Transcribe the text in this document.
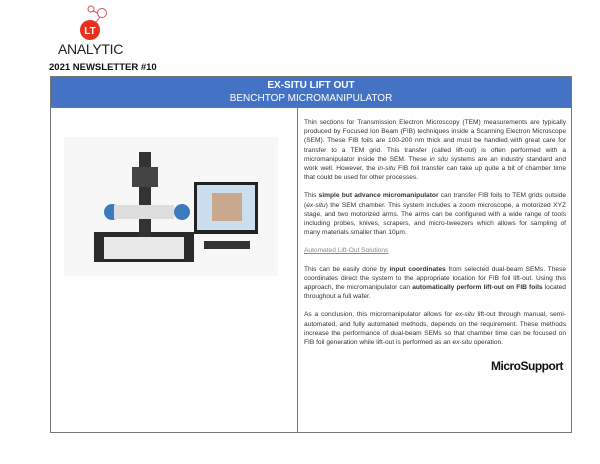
LT
ANALYTIC
2021 NEWSLETTER #10
EX-SITU LIFT OUT
BENCHTOP MICROMANIPULATOR

Thin sections for Transmission Electron Microscopy (TEM) measurements are typically produced by Focused Ion Beam (FIB) techniques inside a Scanning Electron Microscope (SEM). These FIB foils are 100-200 nm thick and must be handled with great care for transfer to a TEM grid. This transfer (called lift-out) is often performed with a micromanipulator inside the SEM. These in situ systems are an industry standard and work well. However, the in-situ FIB foil transfer can take up quite a bit of chamber time that could be used for other processes.

This simple but advance micromanipulator can transfer FIB foils to TEM grids outside (ex-situ) the SEM chamber. This system includes a zoom microscope, a motorized XYZ stage, and two motorized arms. The arms can be configured with a wide range of tools including probes, knives, scrapers, and micro-tweezers which allows for sampling of many materials smaller than 10µm.

Automated Lift-Out Solutions

This can be easily done by input coordinates from selected dual-beam SEMs. These coordinates direct the system to the appropriate location for FIB foil lift-out. Using this approach, the micromanipulator can automatically perform lift-out on FIB foils located throughout a full wafer.

As a conclusion, this micromanipulator allows for ex-situ lift-out through manual, semi-automated, and fully automated methods, depends on the requirement. These methods increase the performance of dual-beam SEMs so that chamber time can be focused on FIB foil generation while lift-out is performed as an ex-situ operation.

MicroSupport
